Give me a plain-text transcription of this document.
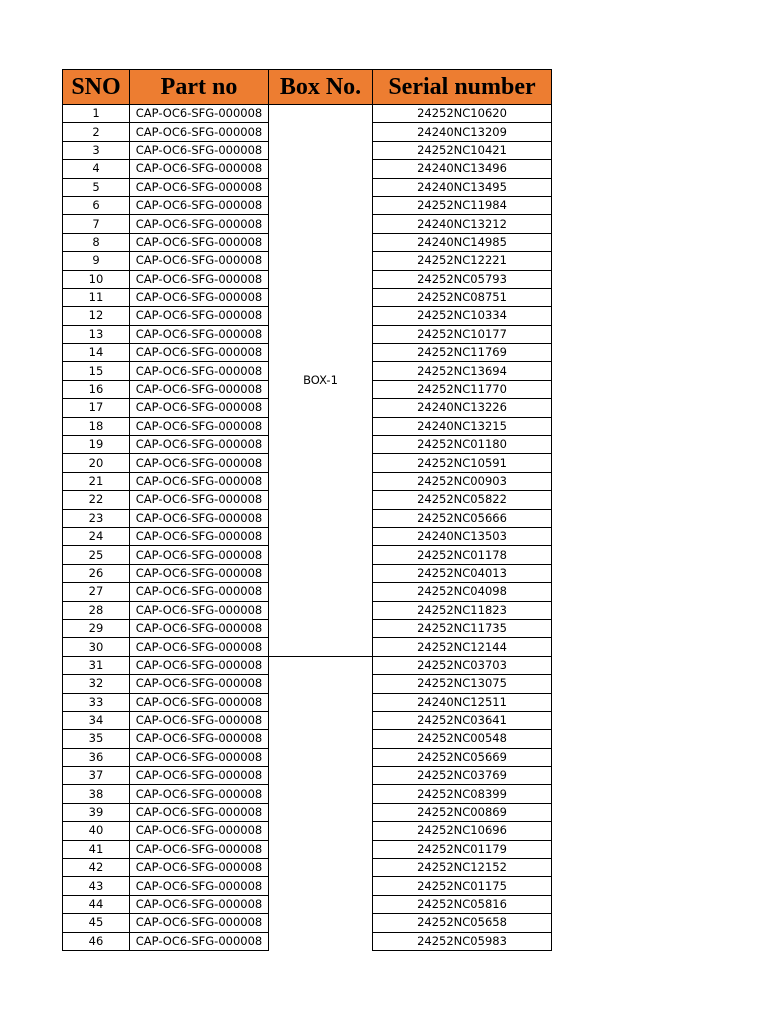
SNO	Part no	Box No.	Serial number
1	CAP-OC6-SFG-000008	BOX-1	24252NC10620
2	CAP-OC6-SFG-000008		24240NC13209
3	CAP-OC6-SFG-000008		24252NC10421
4	CAP-OC6-SFG-000008		24240NC13496
5	CAP-OC6-SFG-000008		24240NC13495
6	CAP-OC6-SFG-000008		24252NC11984
7	CAP-OC6-SFG-000008		24240NC13212
8	CAP-OC6-SFG-000008		24240NC14985
9	CAP-OC6-SFG-000008		24252NC12221
10	CAP-OC6-SFG-000008		24252NC05793
11	CAP-OC6-SFG-000008		24252NC08751
12	CAP-OC6-SFG-000008		24252NC10334
13	CAP-OC6-SFG-000008		24252NC10177
14	CAP-OC6-SFG-000008		24252NC11769
15	CAP-OC6-SFG-000008		24252NC13694
16	CAP-OC6-SFG-000008		24252NC11770
17	CAP-OC6-SFG-000008		24240NC13226
18	CAP-OC6-SFG-000008		24240NC13215
19	CAP-OC6-SFG-000008		24252NC01180
20	CAP-OC6-SFG-000008		24252NC10591
21	CAP-OC6-SFG-000008		24252NC00903
22	CAP-OC6-SFG-000008		24252NC05822
23	CAP-OC6-SFG-000008		24252NC05666
24	CAP-OC6-SFG-000008		24240NC13503
25	CAP-OC6-SFG-000008		24252NC01178
26	CAP-OC6-SFG-000008		24252NC04013
27	CAP-OC6-SFG-000008		24252NC04098
28	CAP-OC6-SFG-000008		24252NC11823
29	CAP-OC6-SFG-000008		24252NC11735
30	CAP-OC6-SFG-000008		24252NC12144
31	CAP-OC6-SFG-000008		24252NC03703
32	CAP-OC6-SFG-000008		24252NC13075
33	CAP-OC6-SFG-000008		24240NC12511
34	CAP-OC6-SFG-000008		24252NC03641
35	CAP-OC6-SFG-000008		24252NC00548
36	CAP-OC6-SFG-000008		24252NC05669
37	CAP-OC6-SFG-000008		24252NC03769
38	CAP-OC6-SFG-000008		24252NC08399
39	CAP-OC6-SFG-000008		24252NC00869
40	CAP-OC6-SFG-000008		24252NC10696
41	CAP-OC6-SFG-000008		24252NC01179
42	CAP-OC6-SFG-000008		24252NC12152
43	CAP-OC6-SFG-000008		24252NC01175
44	CAP-OC6-SFG-000008		24252NC05816
45	CAP-OC6-SFG-000008		24252NC05658
46	CAP-OC6-SFG-000008		24252NC05983
